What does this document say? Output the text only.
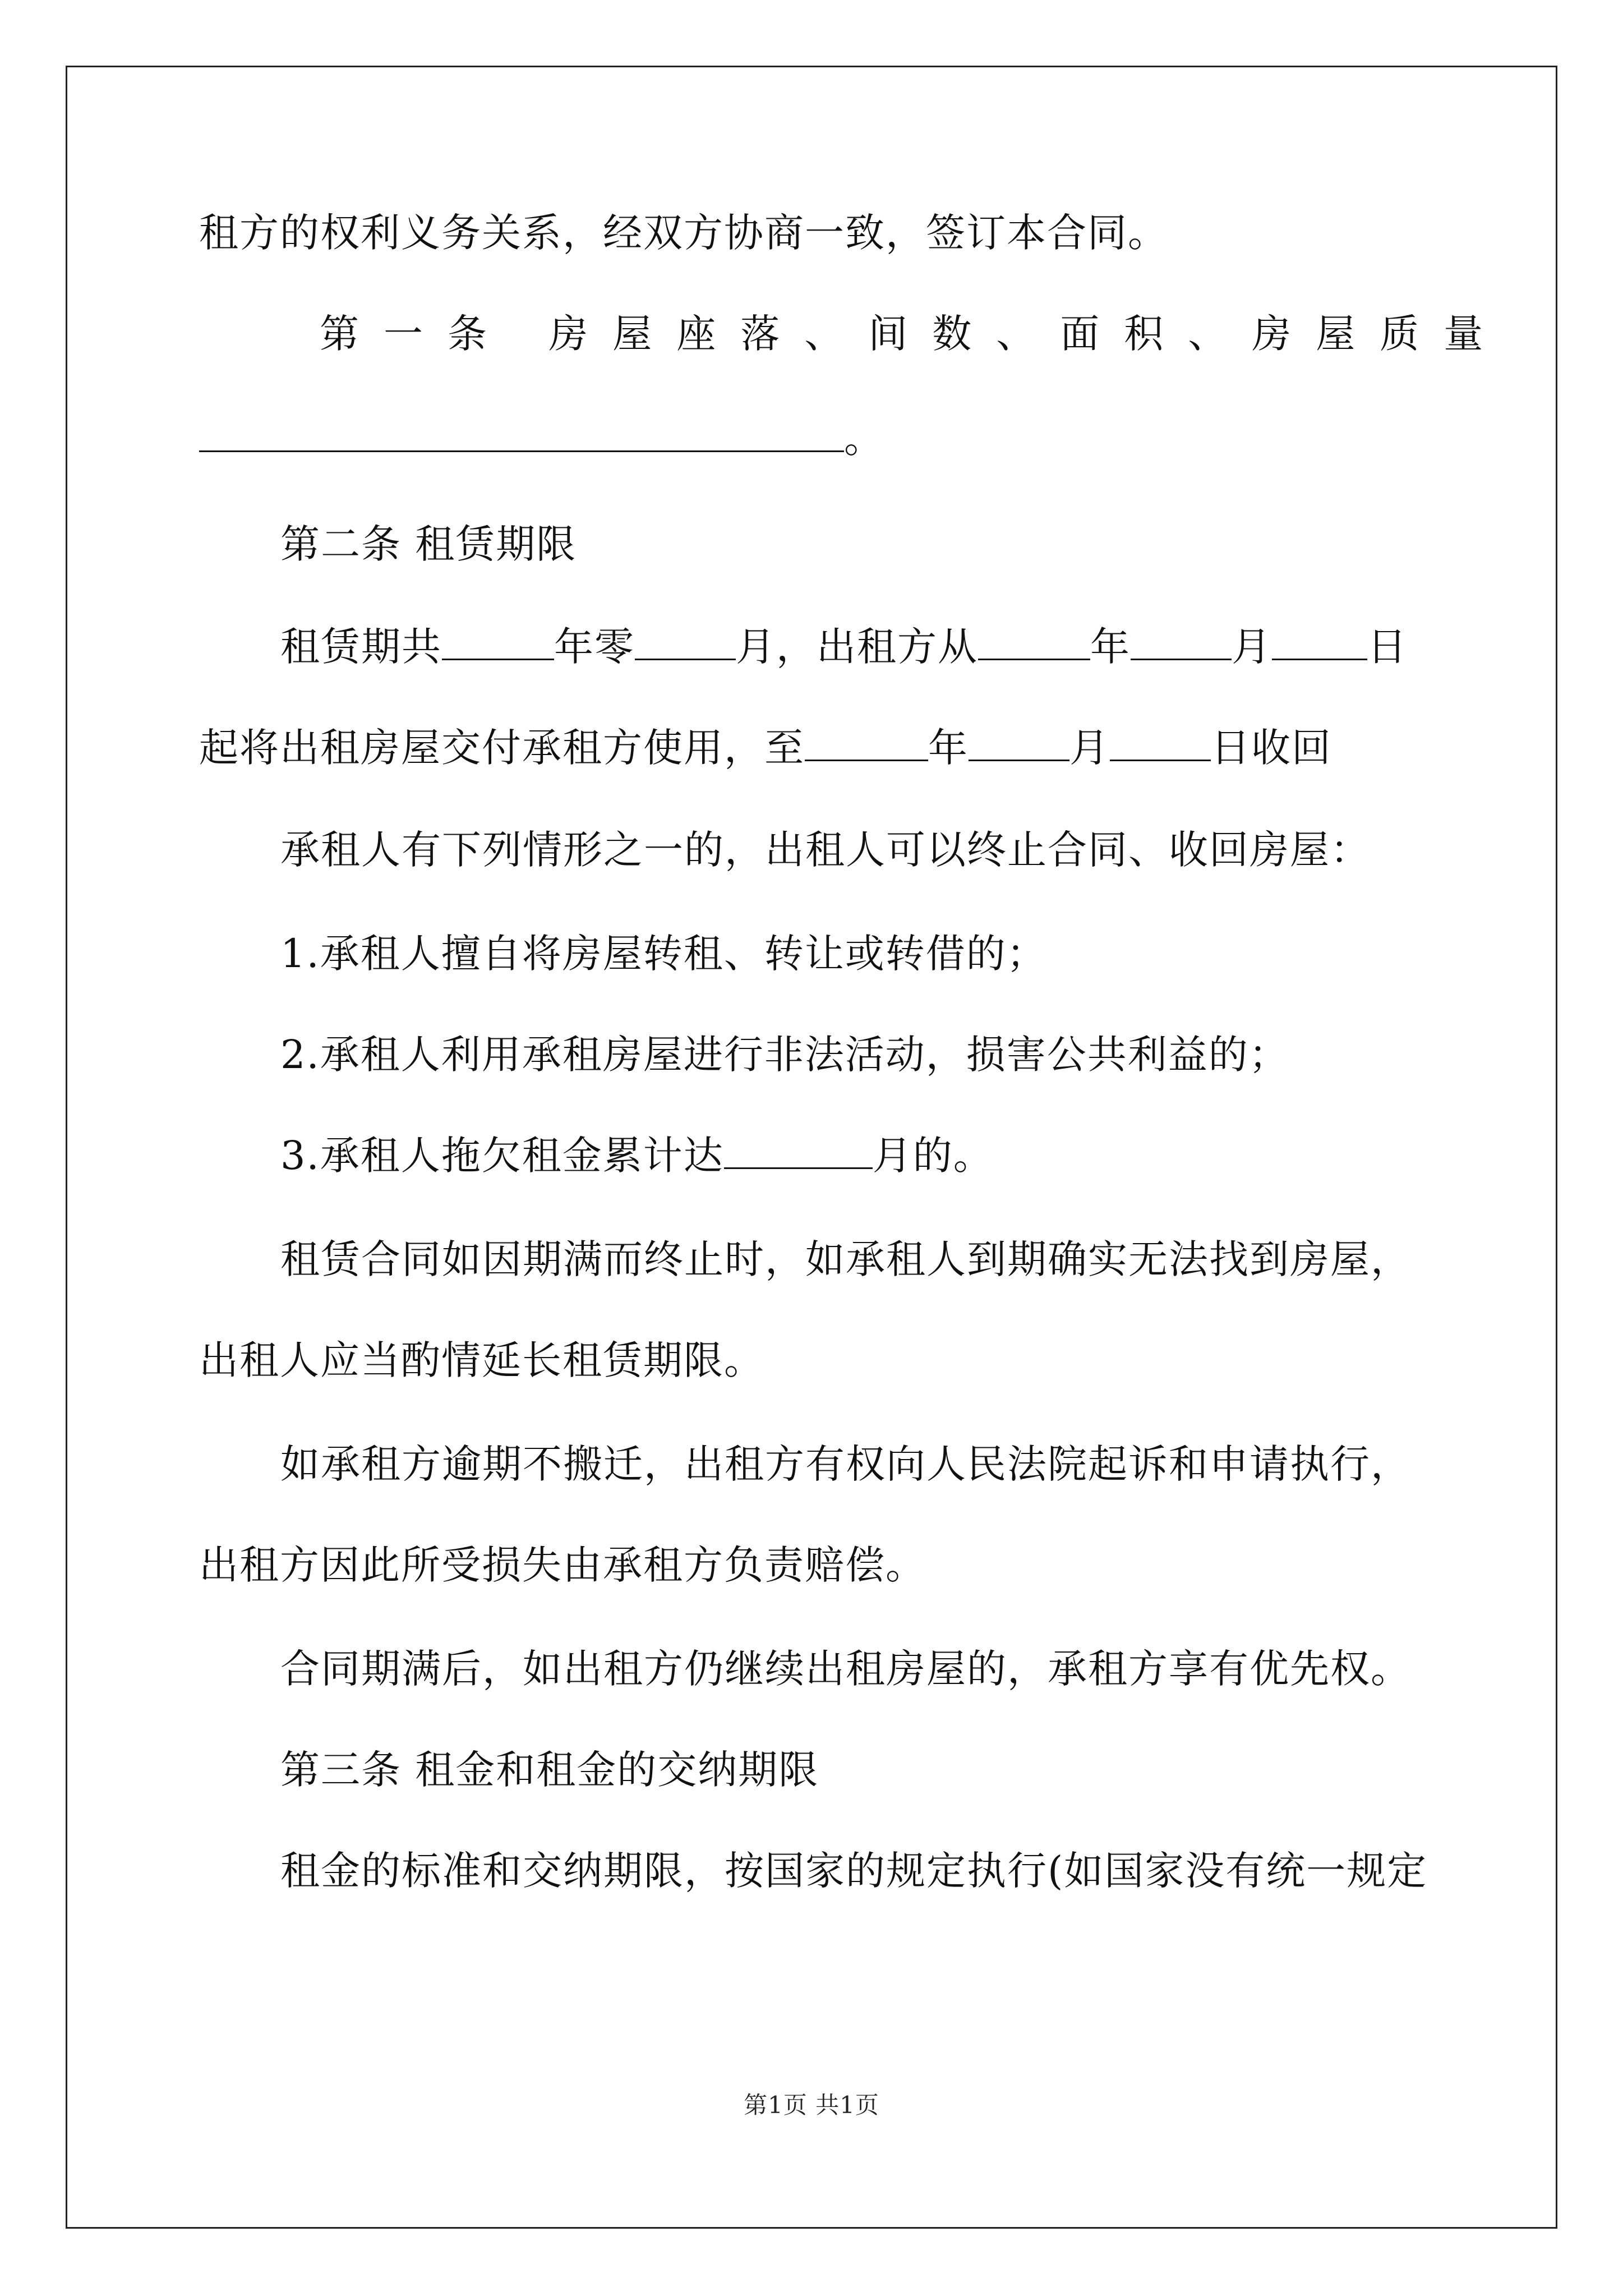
租方的权利义务关系，经双方协商一致，签订本合同。
第一条 房屋座落、间数、面积、房屋质量
。
第二条 租赁期限
租赁期共	年零	月，出租方从	年	月 日
起将出租房屋交付承租方使用，至	年	月	日收回
承租人有下列情形之一的，出租人可以终止合同、收回房屋：
1.承租人擅自将房屋转租、转让或转借的；
2.承租人利用承租房屋进行非法活动，损害公共利益的；
3.承租人拖欠租金累计达	月的。
租赁合同如因期满而终止时，如承租人到期确实无法找到房屋，
出租人应当酌情延长租赁期限。
如承租方逾期不搬迁，出租方有权向人民法院起诉和申请执行，
出租方因此所受损失由承租方负责赔偿。
合同期满后，如出租方仍继续出租房屋的，承租方享有优先权。
第三条 租金和租金的交纳期限
租金的标准和交纳期限，按国家的规定执行(如国家没有统一规定
第1页 共1页
